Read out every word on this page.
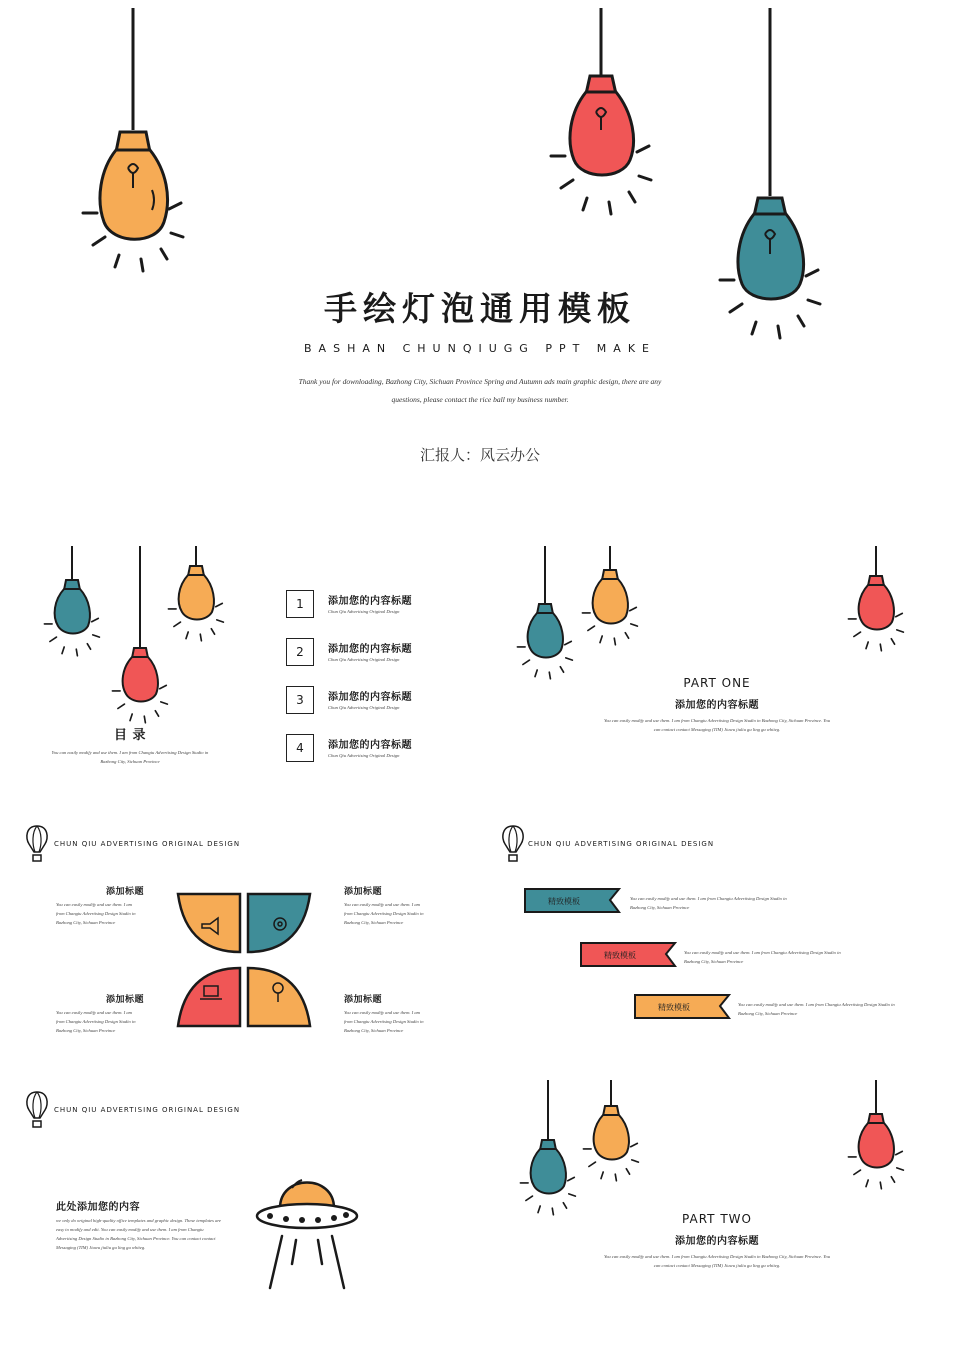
手绘灯泡通用模板
BASHAN CHUNQIUGG PPT MAKE
Thank you for downloading, Bazhong City, Sichuan Province Spring and Autumn ads main graphic design, there are any
questions, please contact the rice ball my business number.
汇报人：风云办公
目 录
You can easily modify and use them. I am from Changiu Advertising Design Studio in
Bazhong City, Sichuan Province
1	添加您的内容标题
Chun Qiu Advertising Original Design
2	添加您的内容标题
Chun Qiu Advertising Original Design
3	添加您的内容标题
Chun Qiu Advertising Original Design
4	添加您的内容标题
Chun Qiu Advertising Original Design
PART ONE
添加您的内容标题
You can easily modify and use them. I am from Changiu Advertising Design Studio in Bazhong City, Sichuan Province. You
can contact contact Messaging (TIM) Jiuwu jiuliu gu ling gu whiteg.
CHUN QIU ADVERTISING ORIGINAL DESIGN
添加标题
You can easily modify and use them. I am
from Changiu Advertising Design Studio in
Bazhong City, Sichuan Province
添加标题
You can easily modify and use them. I am
from Changiu Advertising Design Studio in
Bazhong City, Sichuan Province
添加标题
You can easily modify and use them. I am
from Changiu Advertising Design Studio in
Bazhong City, Sichuan Province
添加标题
You can easily modify and use them. I am
from Changiu Advertising Design Studio in
Bazhong City, Sichuan Province
CHUN QIU ADVERTISING ORIGINAL DESIGN
精致模板	You can easily modify and use them. I am from Changiu Advertising Design Studio in
Bazhong City, Sichuan Province
精致模板	You can easily modify and use them. I am from Changiu Advertising Design Studio in
Bazhong City, Sichuan Province
精致模板	You can easily modify and use them. I am from Changiu Advertising Design Studio in
Bazhong City, Sichuan Province
CHUN QIU ADVERTISING ORIGINAL DESIGN
此处添加您的内容
we only do original high-quality office templates and graphic design. These templates are
easy to modify and edit. You can easily modify and use them. I am from Changiu
Advertising Design Studio in Bazhong City, Sichuan Province. You can contact contact
Messaging (TIM) Jiuwu jiuliu gu ling gu whiteg.
PART TWO
添加您的内容标题
You can easily modify and use them. I am from Changiu Advertising Design Studio in Bazhong City, Sichuan Province. You
can contact contact Messaging (TIM) Jiuwu jiuliu gu ling gu whiteg.
